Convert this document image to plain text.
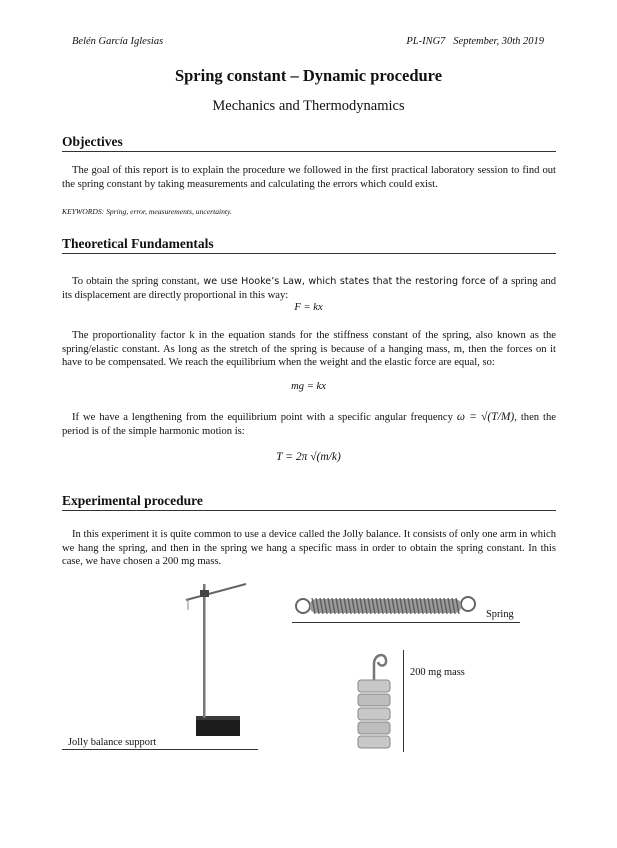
Belén García Iglesias	PL-ING7 September, 30th 2019
Spring constant – Dynamic procedure
Mechanics and Thermodynamics
Objectives
The goal of this report is to explain the procedure we followed in the first practical laboratory session to find out the spring constant by taking measurements and calculating the errors which could exist.
KEYWORDS: Spring, error, measurements, uncertainty.
Theoretical Fundamentals
To obtain the spring constant, we use Hooke’s Law, which states that the restoring force of a spring and its displacement are directly proportional in this way:
F = kx
The proportionality factor k in the equation stands for the stiffness constant of the spring, also known as the spring/elastic constant. As long as the stretch of the spring is because of a hanging mass, m, then the forces on it have to be compensated. We reach the equilibrium when the weight and the elastic force are equal, so:
mg = kx
If we have a lengthening from the equilibrium point with a specific angular frequency ω = √(T/M), then the period is of the simple harmonic motion is:
T = 2π √(m/k)
Experimental procedure
In this experiment it is quite common to use a device called the Jolly balance. It consists of only one arm in which we hang the spring, and then in the spring we hang a specific mass in order to obtain the spring constant. In this case, we have chosen a 200 mg mass.
Jolly balance support
Spring
200 mg mass
